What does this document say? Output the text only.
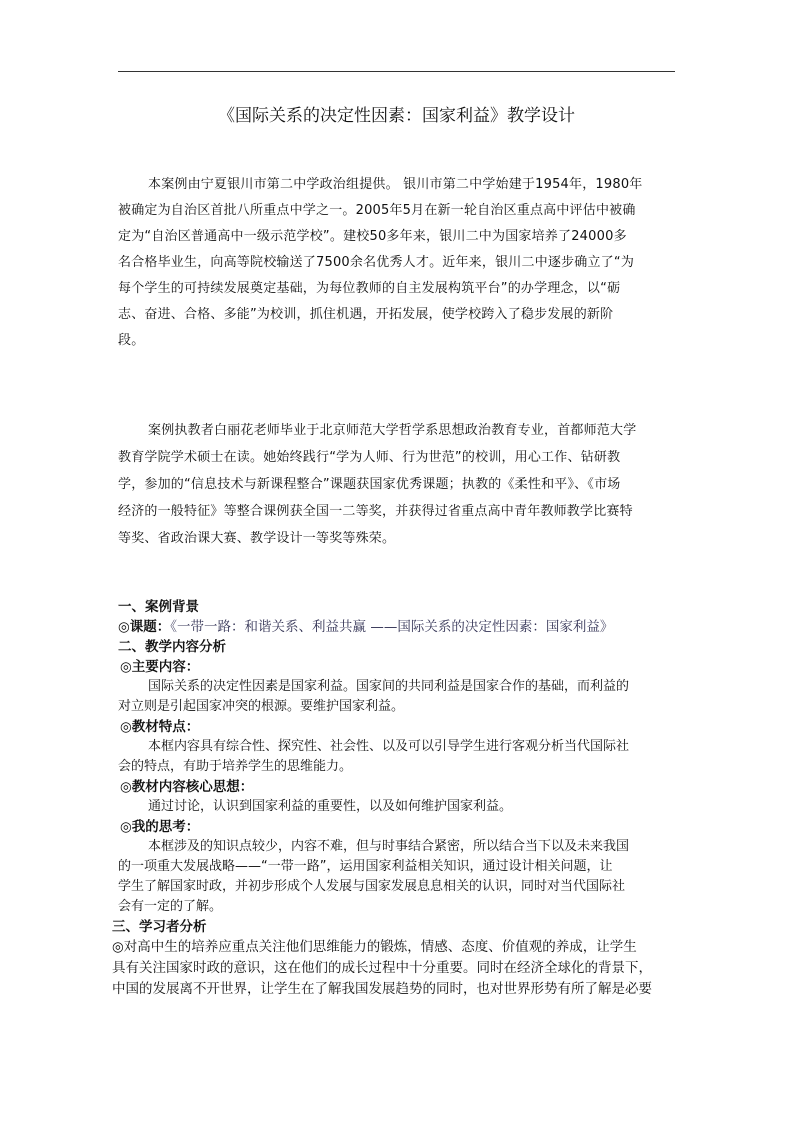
《国际关系的决定性因素：国家利益》教学设计
本案例由宁夏银川市第二中学政治组提供。 银川市第二中学始建于1954年，1980年
被确定为自治区首批八所重点中学之一。2005年5月在新一轮自治区重点高中评估中被确
定为“自治区普通高中一级示范学校”。建校50多年来，银川二中为国家培养了24000多
名合格毕业生，向高等院校输送了7500余名优秀人才。近年来，银川二中逐步确立了“为
每个学生的可持续发展奠定基础，为每位教师的自主发展构筑平台”的办学理念，以“砺
志、奋进、合格、多能”为校训，抓住机遇，开拓发展，使学校跨入了稳步发展的新阶
段。
案例执教者白丽花老师毕业于北京师范大学哲学系思想政治教育专业，首都师范大学
教育学院学术硕士在读。她始终践行“学为人师、行为世范”的校训，用心工作、钻研教
学，参加的“信息技术与新课程整合”课题获国家优秀课题；执教的《柔性和平》、《市场
经济的一般特征》等整合课例获全国一二等奖，并获得过省重点高中青年教师教学比赛特
等奖、省政治课大赛、教学设计一等奖等殊荣。
一、案例背景
◎课题：《一带一路：和谐关系、利益共赢 ——国际关系的决定性因素：国家利益》
二、教学内容分析
◎主要内容：
国际关系的决定性因素是国家利益。国家间的共同利益是国家合作的基础，而利益的
对立则是引起国家冲突的根源。要维护国家利益。
◎教材特点：
本框内容具有综合性、探究性、社会性、以及可以引导学生进行客观分析当代国际社
会的特点，有助于培养学生的思维能力。
◎教材内容核心思想：
通过讨论，认识到国家利益的重要性，以及如何维护国家利益。
◎我的思考：
本框涉及的知识点较少，内容不难，但与时事结合紧密，所以结合当下以及未来我国
的一项重大发展战略——“一带一路”，运用国家利益相关知识，通过设计相关问题，让
学生了解国家时政，并初步形成个人发展与国家发展息息相关的认识，同时对当代国际社
会有一定的了解。
三、学习者分析
◎对高中生的培养应重点关注他们思维能力的锻炼，情感、态度、价值观的养成，让学生
具有关注国家时政的意识，这在他们的成长过程中十分重要。同时在经济全球化的背景下，
中国的发展离不开世界，让学生在了解我国发展趋势的同时，也对世界形势有所了解是必要
